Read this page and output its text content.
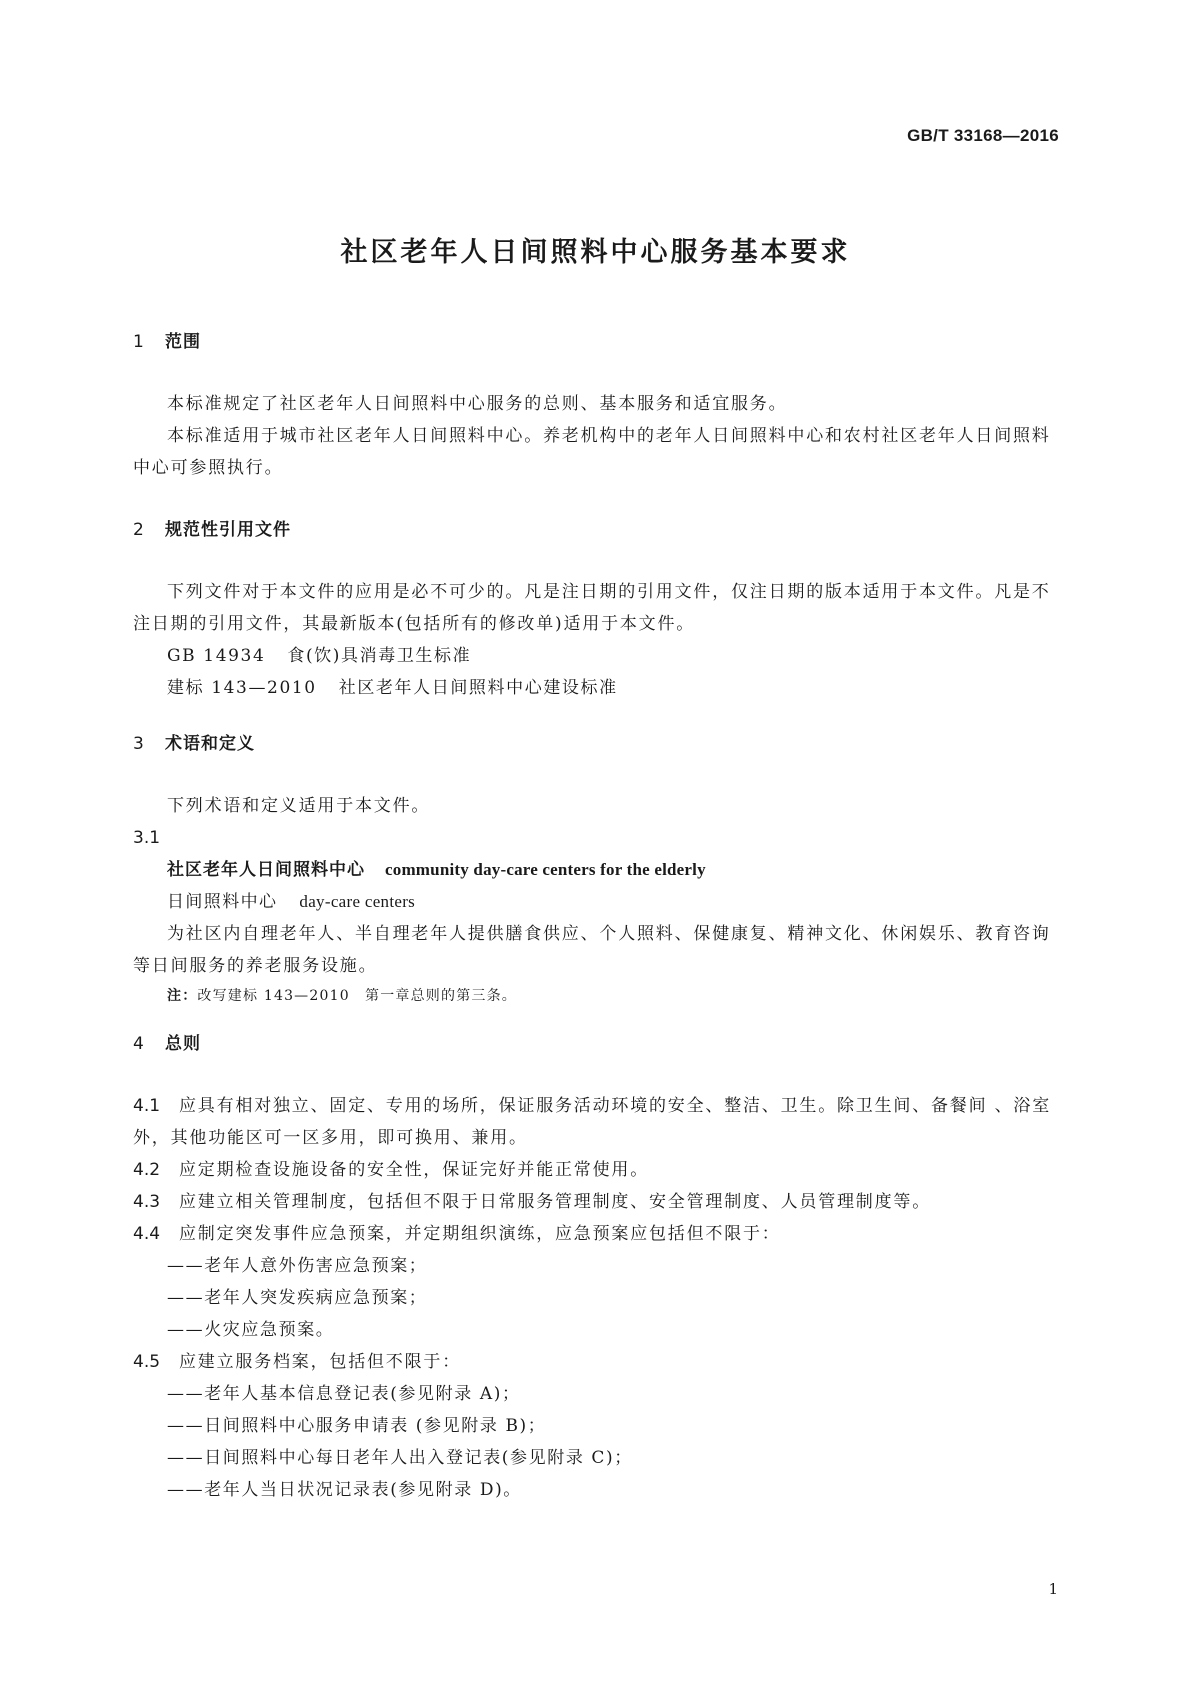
GB/T 33168—2016
社区老年人日间照料中心服务基本要求
1 范围
本标准规定了社区老年人日间照料中心服务的总则、基本服务和适宜服务。
本标准适用于城市社区老年人日间照料中心。养老机构中的老年人日间照料中心和农村社区老年人日间照料中心可参照执行。
2 规范性引用文件
下列文件对于本文件的应用是必不可少的。凡是注日期的引用文件，仅注日期的版本适用于本文件。凡是不注日期的引用文件，其最新版本(包括所有的修改单)适用于本文件。
GB 14934 食(饮)具消毒卫生标准
建标 143—2010 社区老年人日间照料中心建设标准
3 术语和定义
下列术语和定义适用于本文件。
3.1
社区老年人日间照料中心 community day-care centers for the elderly
日间照料中心 day-care centers
为社区内自理老年人、半自理老年人提供膳食供应、个人照料、保健康复、精神文化、休闲娱乐、教育咨询等日间服务的养老服务设施。
注：改写建标 143—2010　第一章总则的第三条。
4 总则
4.1 应具有相对独立、固定、专用的场所，保证服务活动环境的安全、整洁、卫生。除卫生间、备餐间 、浴室外，其他功能区可一区多用，即可换用、兼用。
4.2 应定期检查设施设备的安全性，保证完好并能正常使用。
4.3 应建立相关管理制度，包括但不限于日常服务管理制度、安全管理制度、人员管理制度等。
4.4 应制定突发事件应急预案，并定期组织演练，应急预案应包括但不限于：
——老年人意外伤害应急预案；
——老年人突发疾病应急预案；
——火灾应急预案。
4.5 应建立服务档案，包括但不限于：
——老年人基本信息登记表(参见附录 A)；
——日间照料中心服务申请表 (参见附录 B)；
——日间照料中心每日老年人出入登记表(参见附录 C)；
——老年人当日状况记录表(参见附录 D)。
1
